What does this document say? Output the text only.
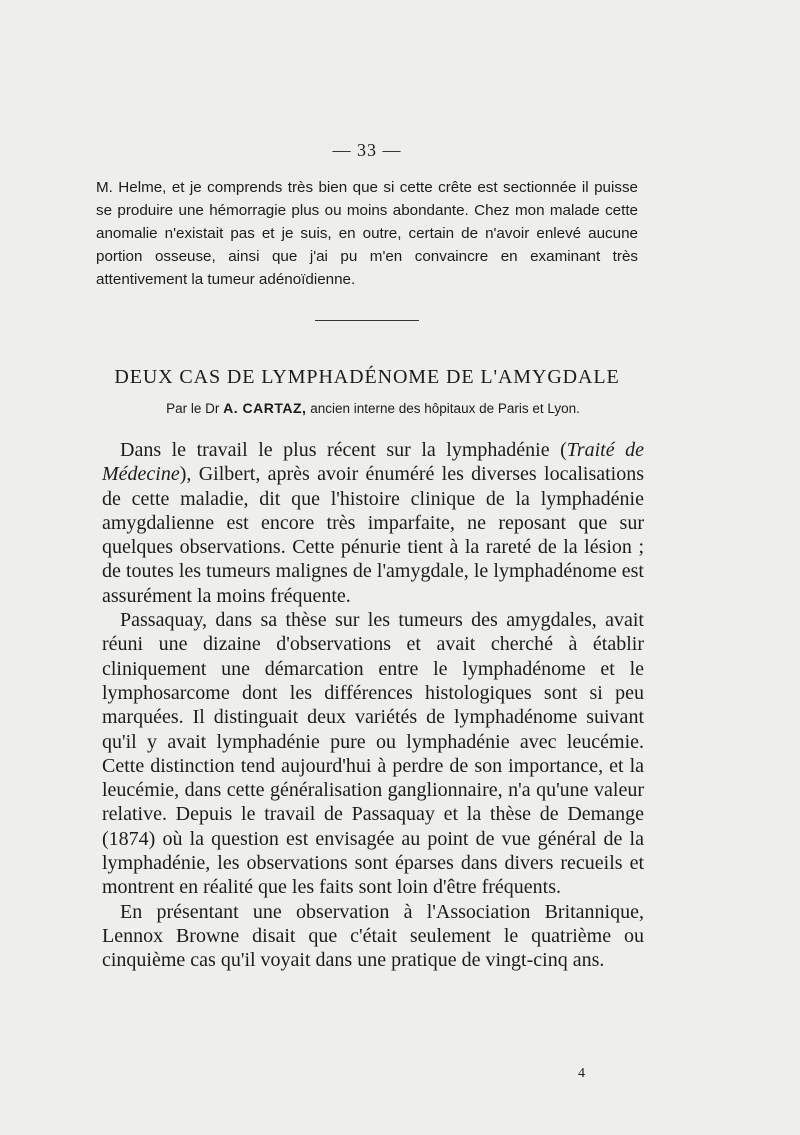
— 33 —

M. Helme, et je comprends très bien que si cette crête est sectionnée il puisse se produire une hémorragie plus ou moins abondante. Chez mon malade cette anomalie n'existait pas et je suis, en outre, certain de n'avoir enlevé aucune portion osseuse, ainsi que j'ai pu m'en convaincre en examinant très attentivement la tumeur adénoïdienne.

DEUX CAS DE LYMPHADÉNOME DE L'AMYGDALE

Par le Dr A. CARTAZ, ancien interne des hôpitaux de Paris et Lyon.

Dans le travail le plus récent sur la lymphadénie (Traité de Médecine), Gilbert, après avoir énuméré les diverses localisations de cette maladie, dit que l'histoire clinique de la lymphadénie amygdalienne est encore très imparfaite, ne reposant que sur quelques observations. Cette pénurie tient à la rareté de la lésion ; de toutes les tumeurs malignes de l'amygdale, le lymphadénome est assurément la moins fréquente.

Passaquay, dans sa thèse sur les tumeurs des amygdales, avait réuni une dizaine d'observations et avait cherché à établir cliniquement une démarcation entre le lymphadénome et le lymphosarcome dont les différences histologiques sont si peu marquées. Il distinguait deux variétés de lymphadénome suivant qu'il y avait lymphadénie pure ou lymphadénie avec leucémie. Cette distinction tend aujourd'hui à perdre de son importance, et la leucémie, dans cette généralisation ganglionnaire, n'a qu'une valeur relative. Depuis le travail de Passaquay et la thèse de Demange (1874) où la question est envisagée au point de vue général de la lymphadénie, les observations sont éparses dans divers recueils et montrent en réalité que les faits sont loin d'être fréquents.

En présentant une observation à l'Association Britannique, Lennox Browne disait que c'était seulement le quatrième ou cinquième cas qu'il voyait dans une pratique de vingt-cinq ans.

4
